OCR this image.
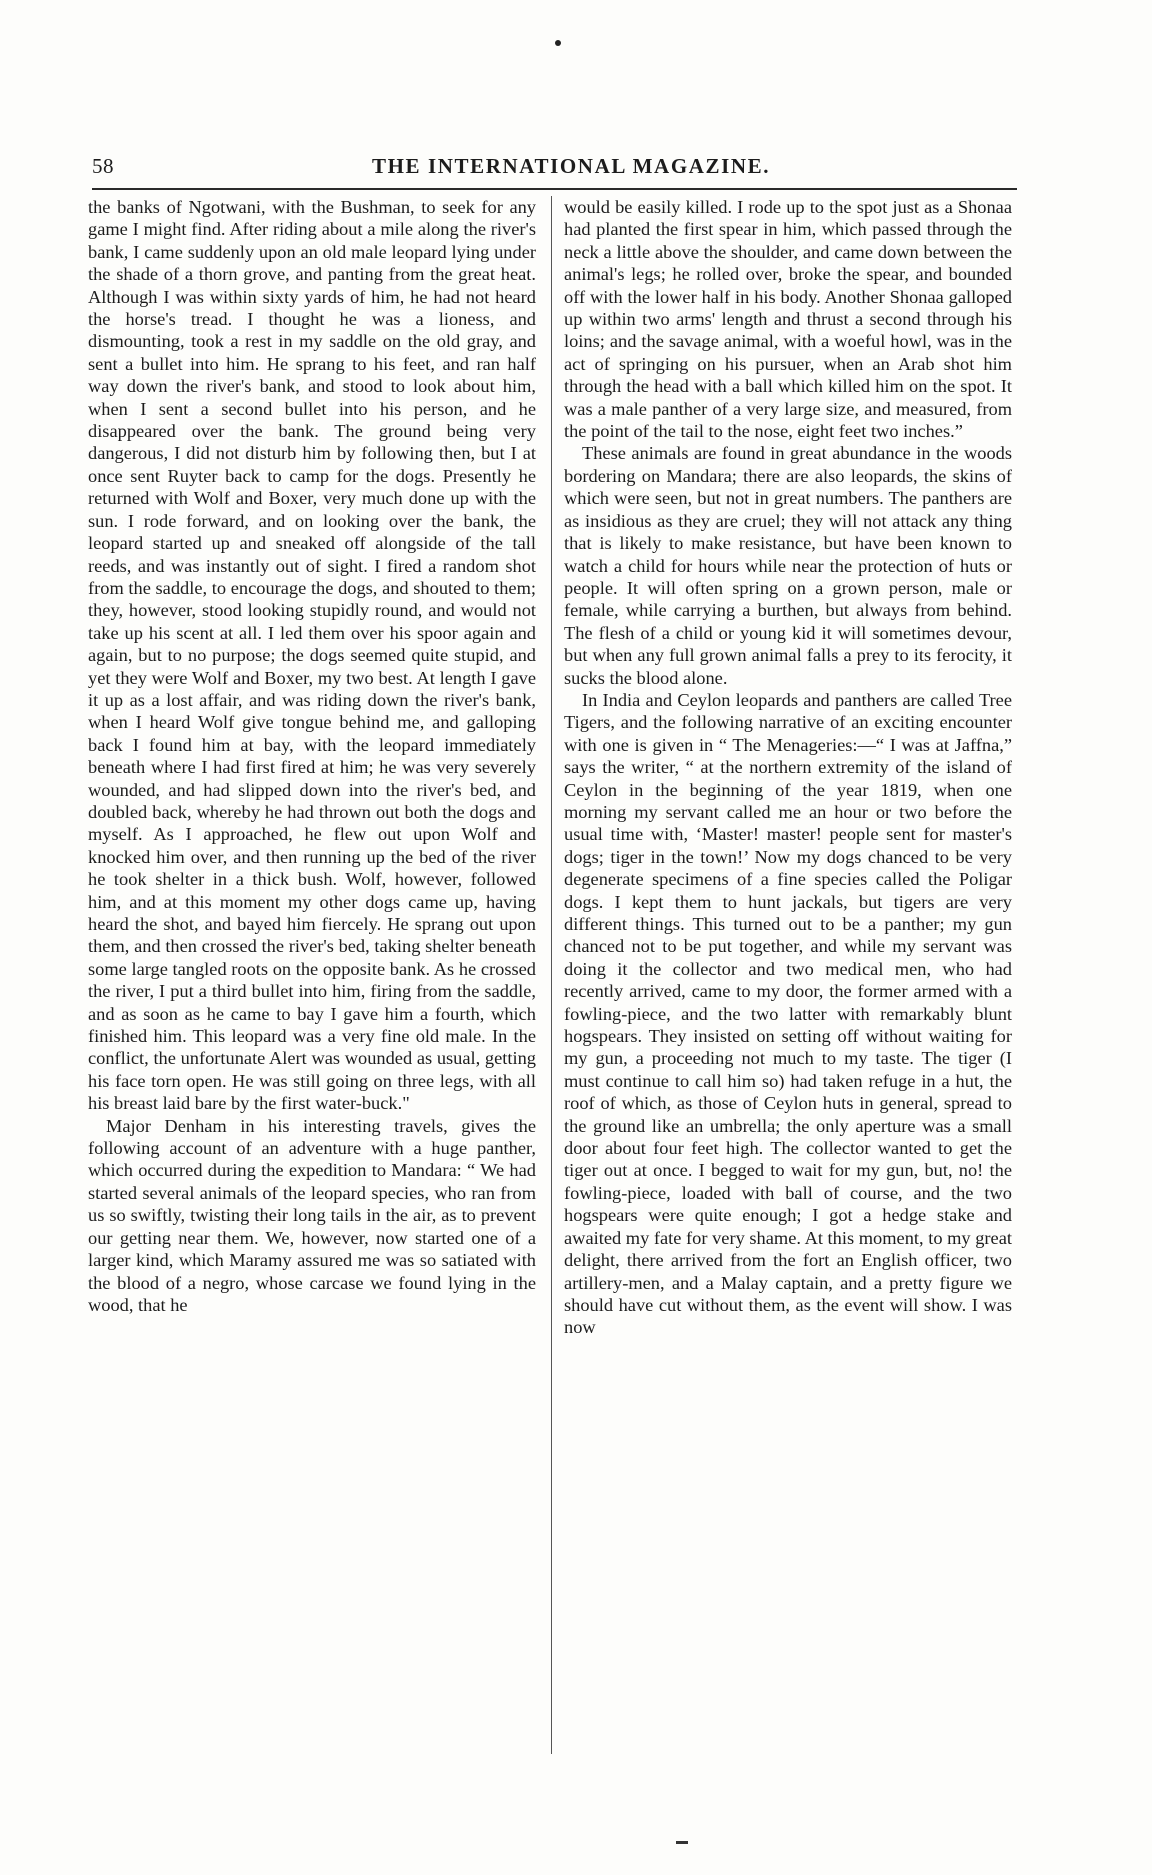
58	THE INTERNATIONAL MAGAZINE.

the banks of Ngotwani, with the Bushman, to seek for any game I might find. After riding about a mile along the river's bank, I came suddenly upon an old male leopard lying under the shade of a thorn grove, and panting from the great heat. Although I was within sixty yards of him, he had not heard the horse's tread. I thought he was a lioness, and dismounting, took a rest in my saddle on the old gray, and sent a bullet into him. He sprang to his feet, and ran half way down the river's bank, and stood to look about him, when I sent a second bullet into his person, and he disappeared over the bank. The ground being very dangerous, I did not disturb him by following then, but I at once sent Ruyter back to camp for the dogs. Presently he returned with Wolf and Boxer, very much done up with the sun. I rode forward, and on looking over the bank, the leopard started up and sneaked off alongside of the tall reeds, and was instantly out of sight. I fired a random shot from the saddle, to encourage the dogs, and shouted to them; they, however, stood looking stupidly round, and would not take up his scent at all. I led them over his spoor again and again, but to no purpose; the dogs seemed quite stupid, and yet they were Wolf and Boxer, my two best. At length I gave it up as a lost affair, and was riding down the river's bank, when I heard Wolf give tongue behind me, and galloping back I found him at bay, with the leopard immediately beneath where I had first fired at him; he was very severely wounded, and had slipped down into the river's bed, and doubled back, whereby he had thrown out both the dogs and myself. As I approached, he flew out upon Wolf and knocked him over, and then running up the bed of the river he took shelter in a thick bush. Wolf, however, followed him, and at this moment my other dogs came up, having heard the shot, and bayed him fiercely. He sprang out upon them, and then crossed the river's bed, taking shelter beneath some large tangled roots on the opposite bank. As he crossed the river, I put a third bullet into him, firing from the saddle, and as soon as he came to bay I gave him a fourth, which finished him. This leopard was a very fine old male. In the conflict, the unfortunate Alert was wounded as usual, getting his face torn open. He was still going on three legs, with all his breast laid bare by the first water-buck."

Major Denham in his interesting travels, gives the following account of an adventure with a huge panther, which occurred during the expedition to Mandara: “ We had started several animals of the leopard species, who ran from us so swiftly, twisting their long tails in the air, as to prevent our getting near them. We, however, now started one of a larger kind, which Maramy assured me was so satiated with the blood of a negro, whose carcase we found lying in the wood, that he

would be easily killed. I rode up to the spot just as a Shonaa had planted the first spear in him, which passed through the neck a little above the shoulder, and came down between the animal's legs; he rolled over, broke the spear, and bounded off with the lower half in his body. Another Shonaa galloped up within two arms' length and thrust a second through his loins; and the savage animal, with a woeful howl, was in the act of springing on his pursuer, when an Arab shot him through the head with a ball which killed him on the spot. It was a male panther of a very large size, and measured, from the point of the tail to the nose, eight feet two inches.”

These animals are found in great abundance in the woods bordering on Mandara; there are also leopards, the skins of which were seen, but not in great numbers. The panthers are as insidious as they are cruel; they will not attack any thing that is likely to make resistance, but have been known to watch a child for hours while near the protection of huts or people. It will often spring on a grown person, male or female, while carrying a burthen, but always from behind. The flesh of a child or young kid it will sometimes devour, but when any full grown animal falls a prey to its ferocity, it sucks the blood alone.

In India and Ceylon leopards and panthers are called Tree Tigers, and the following narrative of an exciting encounter with one is given in “ The Menageries:—“ I was at Jaffna,” says the writer, “ at the northern extremity of the island of Ceylon in the beginning of the year 1819, when one morning my servant called me an hour or two before the usual time with, ‘Master! master! people sent for master's dogs; tiger in the town!’ Now my dogs chanced to be very degenerate specimens of a fine species called the Poligar dogs. I kept them to hunt jackals, but tigers are very different things. This turned out to be a panther; my gun chanced not to be put together, and while my servant was doing it the collector and two medical men, who had recently arrived, came to my door, the former armed with a fowling-piece, and the two latter with remarkably blunt hogspears. They insisted on setting off without waiting for my gun, a proceeding not much to my taste. The tiger (I must continue to call him so) had taken refuge in a hut, the roof of which, as those of Ceylon huts in general, spread to the ground like an umbrella; the only aperture was a small door about four feet high. The collector wanted to get the tiger out at once. I begged to wait for my gun, but, no! the fowling-piece, loaded with ball of course, and the two hogspears were quite enough; I got a hedge stake and awaited my fate for very shame. At this moment, to my great delight, there arrived from the fort an English officer, two artillery-men, and a Malay captain, and a pretty figure we should have cut without them, as the event will show. I was now
